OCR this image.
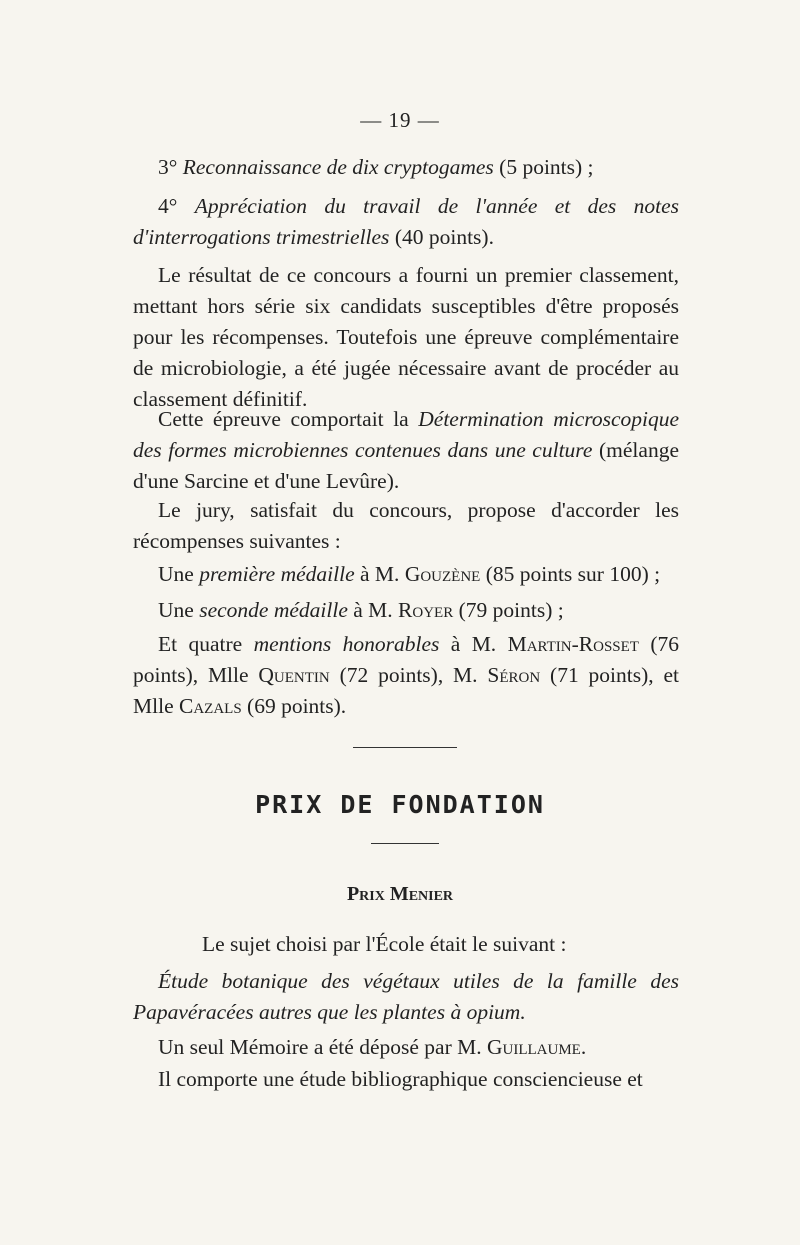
— 19 —

3° Reconnaissance de dix cryptogames (5 points) ;

4° Appréciation du travail de l'année et des notes d'interrogations trimestrielles (40 points).

Le résultat de ce concours a fourni un premier classement, mettant hors série six candidats susceptibles d'être proposés pour les récompenses. Toutefois une épreuve complémentaire de microbiologie, a été jugée nécessaire avant de procéder au classement définitif.

Cette épreuve comportait la Détermination microscopique des formes microbiennes contenues dans une culture (mélange d'une Sarcine et d'une Levûre).

Le jury, satisfait du concours, propose d'accorder les récompenses suivantes :

Une première médaille à M. Gouzène (85 points sur 100) ;

Une seconde médaille à M. Royer (79 points) ;

Et quatre mentions honorables à M. Martin-Rosset (76 points), Mlle Quentin (72 points), M. Séron (71 points), et Mlle Cazals (69 points).

PRIX DE FONDATION
Prix Menier

Le sujet choisi par l'École était le suivant :

Étude botanique des végétaux utiles de la famille des Papavéracées autres que les plantes à opium.

Un seul Mémoire a été déposé par M. Guillaume.

Il comporte une étude bibliographique consciencieuse et
